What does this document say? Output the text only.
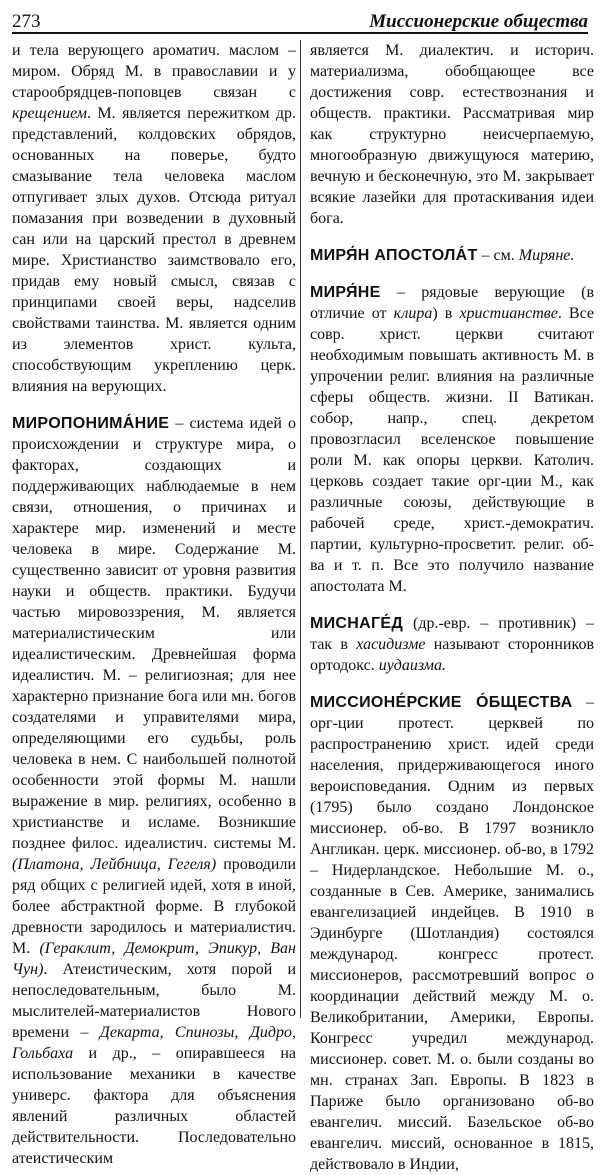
273	Миссионерские общества

и тела верующего ароматич. маслом – миром. Обряд М. в православии и у старообрядцев-поповцев связан с крещением. М. является пережитком др. представлений, колдовских обрядов, основанных на поверье, будто смазывание тела человека маслом отпугивает злых духов. Отсюда ритуал помазания при возведении в духовный сан или на царский престол в древнем мире. Христианство заимствовало его, придав ему новый смысл, связав с принципами своей веры, надселив свойствами таинства. М. является одним из элементов христ. культа, способствующим укреплению церк. влияния на верующих.

МИРОПОНИМА́НИЕ – система идей о происхождении и структуре мира, о факторах, создающих и поддерживающих наблюдаемые в нем связи, отношения, о причинах и характере мир. изменений и месте человека в мире. Содержание М. существенно зависит от уровня развития науки и обществ. практики. Будучи частью мировоззрения, М. является материалистическим или идеалистическим. Древнейшая форма идеалистич. М. – религиозная; для нее характерно признание бога или мн. богов создателями и управителями мира, определяющими его судьбы, роль человека в нем. С наибольшей полнотой особенности этой формы М. нашли выражение в мир. религиях, особенно в христианстве и исламе. Возникшие позднее филос. идеалистич. системы М. (Платона, Лейбница, Гегеля) проводили ряд общих с религией идей, хотя в иной, более абстрактной форме. В глубокой древности зародилось и материалистич. М. (Гераклит, Демокрит, Эпикур, Ван Чун). Атеистическим, хотя порой и непоследовательным, было М. мыслителей-материалистов Нового времени – Декарта, Спинозы, Дидро, Гольбаха и др., – опиравшееся на использование механики в качестве универс. фактора для объяснения явлений различных областей действительности. Последовательно атеистическим

является М. диалектич. и историч. материализма, обобщающее все достижения совр. естествознания и обществ. практики. Рассматривая мир как структурно неисчерпаемую, многообразную движущуюся материю, вечную и бесконечную, это М. закрывает всякие лазейки для протаскивания идеи бога.

МИРЯ́Н АПОСТОЛА́Т – см. Миряне.

МИРЯ́НЕ – рядовые верующие (в отличие от клира) в христианстве. Все совр. христ. церкви считают необходимым повышать активность М. в упрочении религ. влияния на различные сферы обществ. жизни. II Ватикан. собор, напр., спец. декретом провозгласил вселенское повышение роли М. как опоры церкви. Католич. церковь создает такие орг-ции М., как различные союзы, действующие в рабочей среде, христ.-демократич. партии, культурно-просветит. религ. об-ва и т. п. Все это получило название апостолата М.

МИСНАГЕ́Д (др.-евр. – противник) – так в хасидизме называют сторонников ортодокс. иудаизма.

МИССИОНЕ́РСКИЕ О́БЩЕСТВА – орг-ции протест. церквей по распространению христ. идей среди населения, придерживающегося иного вероисповедания. Одним из первых (1795) было создано Лондонское миссионер. об-во. В 1797 возникло Англикан. церк. миссионер. об-во, в 1792 – Нидерландское. Небольшие М. о., созданные в Сев. Америке, занимались евангелизацией индейцев. В 1910 в Эдинбурге (Шотландия) состоялся международ. конгресс протест. миссионеров, рассмотревший вопрос о координации действий между М. о. Великобритании, Америки, Европы. Конгресс учредил международ. миссионер. совет. М. о. были созданы во мн. странах Зап. Европы. В 1823 в Париже было организовано об-во евангелич. миссий. Базельское об-во евангелич. миссий, основанное в 1815, действовало в Индии,
